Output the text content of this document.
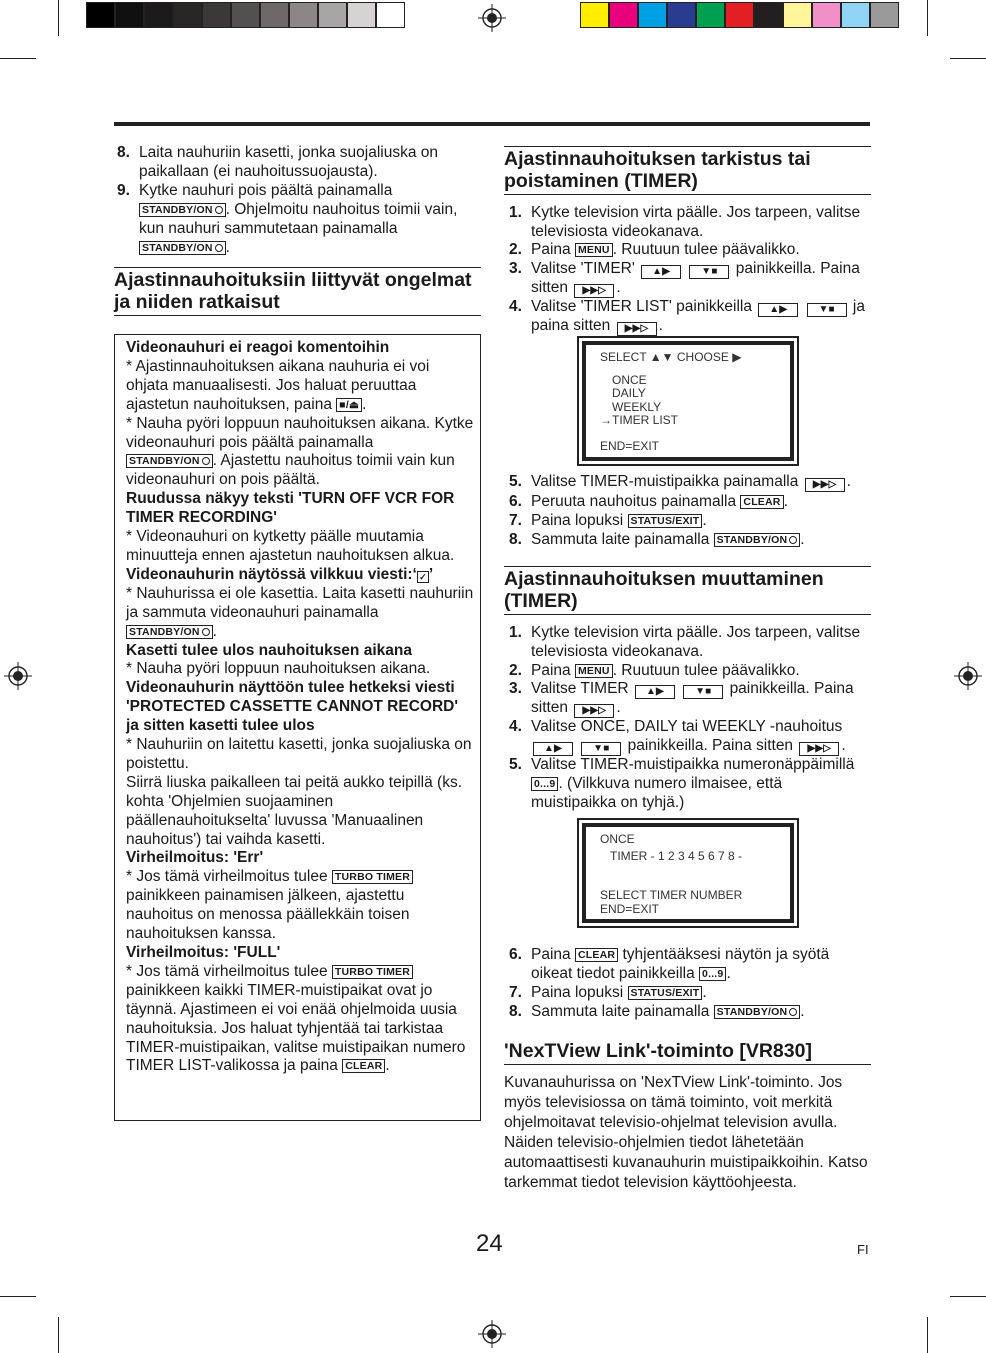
8. Laita nauhuriin kasetti, jonka suojaliuska on paikallaan (ei nauhoitussuojausta).
9. Kytke nauhuri pois päältä painamalla
STANDBY/ON . Ohjelmoitu nauhoitus toimii vain, kun nauhuri sammutetaan painamalla
STANDBY/ON .
Ajastinnauhoituksiin liittyvät ongelmat ja niiden ratkaisut
Videonauhuri ei reagoi komentoihin
* Ajastinnauhoituksen aikana nauhuria ei voi ohjata manuaalisesti. Jos haluat peruuttaa ajastetun nauhoituksen, paina ■/⏏ .
* Nauha pyöri loppuun nauhoituksen aikana. Kytke videonauhuri pois päältä painamalla
STANDBY/ON . Ajastettu nauhoitus toimii vain kun videonauhuri on pois päältä.
Ruudussa näkyy teksti 'TURN OFF VCR FOR TIMER RECORDING'
* Videonauhuri on kytketty päälle muutamia minuutteja ennen ajastetun nauhoituksen alkua.
Videonauhurin näytössä vilkkuu viesti:‘ ✓ ’
* Nauhurissa ei ole kasettia. Laita kasetti nauhuriin ja sammuta videonauhuri painamalla
STANDBY/ON .
Kasetti tulee ulos nauhoituksen aikana
* Nauha pyöri loppuun nauhoituksen aikana.
Videonauhurin näyttöön tulee hetkeksi viesti 'PROTECTED CASSETTE CANNOT RECORD' ja sitten kasetti tulee ulos
* Nauhuriin on laitettu kasetti, jonka suojaliuska on poistettu.
Siirrä liuska paikalleen tai peitä aukko teipillä (ks. kohta 'Ohjelmien suojaaminen päällenauhoitukselta' luvussa 'Manuaalinen nauhoitus') tai vaihda kasetti.
Virheilmoitus: 'Err'
* Jos tämä virheilmoitus tulee TURBO TIMER painikkeen painamisen jälkeen, ajastettu nauhoitus on menossa päällekkäin toisen nauhoituksen kanssa.
Virheilmoitus: 'FULL'
* Jos tämä virheilmoitus tulee TURBO TIMER painikkeen kaikki TIMER-muistipaikat ovat jo täynnä. Ajastimeen ei voi enää ohjelmoida uusia nauhoituksia. Jos haluat tyhjentää tai tarkistaa TIMER-muistipaikan, valitse muistipaikan numero TIMER LIST-valikossa ja paina CLEAR .
Ajastinnauhoituksen tarkistus tai poistaminen (TIMER)
1. Kytke television virta päälle. Jos tarpeen, valitse televisiosta videokanava.
2. Paina MENU . Ruutuun tulee päävalikko.
3. Valitse 'TIMER' ▲▶	▼■ painikkeilla. Paina sitten ▶▶▷ .
4. Valitse 'TIMER LIST' painikkeilla ▲▶	▼■ ja paina sitten ▶▶▷ .
SELECT ▲▼ CHOOSE ▶
ONCE
DAILY
WEEKLY
→TIMER LIST
END=EXIT
5. Valitse TIMER-muistipaikka painamalla ▶▶▷ .
6. Peruuta nauhoitus painamalla CLEAR .
7. Paina lopuksi STATUS/EXIT .
8. Sammuta laite painamalla STANDBY/ON .
Ajastinnauhoituksen muuttaminen (TIMER)
1. Kytke television virta päälle. Jos tarpeen, valitse televisiosta videokanava.
2. Paina MENU . Ruutuun tulee päävalikko.
3. Valitse TIMER ▲▶	▼■ painikkeilla. Paina sitten ▶▶▷ .
4. Valitse ONCE, DAILY tai WEEKLY -nauhoitus
▲▶	▼■ painikkeilla. Paina sitten ▶▶▷ .
5. Valitse TIMER-muistipaikka numeronäppäimillä 0...9 . (Vilkkuva numero ilmaisee, että muistipaikka on tyhjä.)
ONCE
TIMER - 1 2 3 4 5 6 7 8 -
SELECT TIMER NUMBER
END=EXIT
6. Paina CLEAR tyhjentääksesi näytön ja syötä oikeat tiedot painikkeilla 0...9 .
7. Paina lopuksi STATUS/EXIT .
8. Sammuta laite painamalla STANDBY/ON .
'NexTView Link'-toiminto [VR830]
Kuvanauhurissa on 'NexTView Link'-toiminto. Jos myös televisiossa on tämä toiminto, voit merkitä ohjelmoitavat televisio-ohjelmat television avulla. Näiden televisio-ohjelmien tiedot lähetetään automaattisesti kuvanauhurin muistipaikkoihin. Katso tarkemmat tiedot television käyttöohjeesta.
24	FI
